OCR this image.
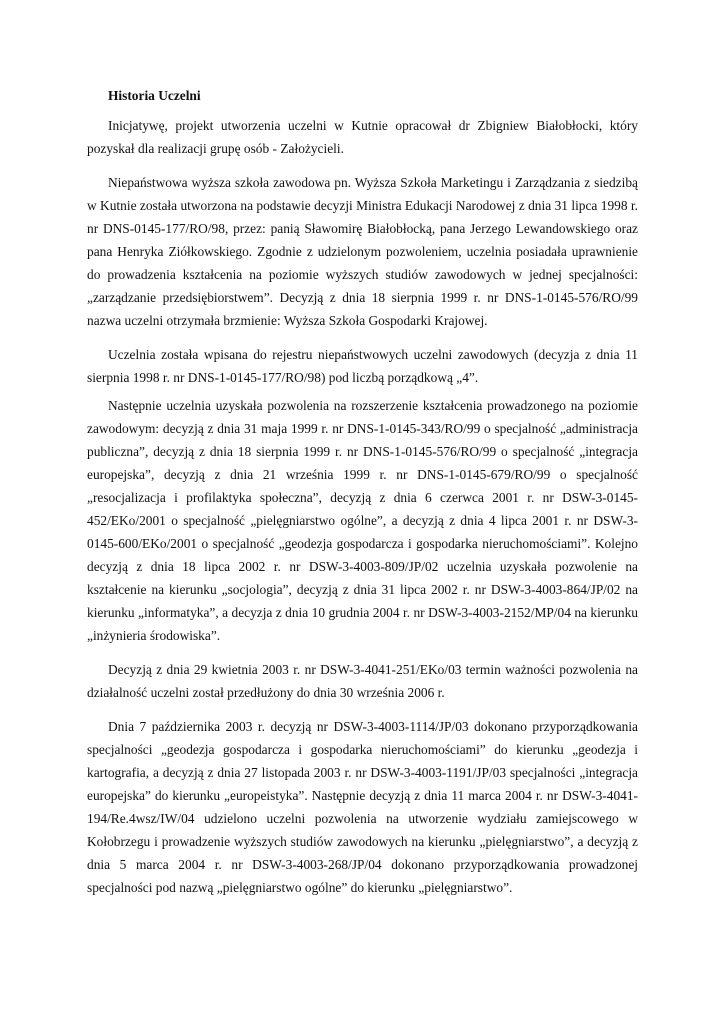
Historia Uczelni

Inicjatywę, projekt utworzenia uczelni w Kutnie opracował dr Zbigniew Białobłocki, który pozyskał dla realizacji grupę osób - Założycieli.

Niepaństwowa wyższa szkoła zawodowa pn. Wyższa Szkoła Marketingu i Zarządzania z siedzibą w Kutnie została utworzona na podstawie decyzji Ministra Edukacji Narodowej z dnia 31 lipca 1998 r. nr DNS-0145-177/RO/98, przez: panią Sławomirę Białobłocką, pana Jerzego Lewandowskiego oraz pana Henryka Ziółkowskiego. Zgodnie z udzielonym pozwoleniem, uczelnia posiadała uprawnienie do prowadzenia kształcenia na poziomie wyższych studiów zawodowych w jednej specjalności: „zarządzanie przedsiębiorstwem”. Decyzją z dnia 18 sierpnia 1999 r. nr DNS-1-0145-576/RO/99 nazwa uczelni otrzymała brzmienie: Wyższa Szkoła Gospodarki Krajowej.

Uczelnia została wpisana do rejestru niepaństwowych uczelni zawodowych (decyzja z dnia 11 sierpnia 1998 r. nr DNS-1-0145-177/RO/98) pod liczbą porządkową „4”.

Następnie uczelnia uzyskała pozwolenia na rozszerzenie kształcenia prowadzonego na poziomie zawodowym: decyzją z dnia 31 maja 1999 r. nr DNS-1-0145-343/RO/99 o specjalność „administracja publiczna”, decyzją z dnia 18 sierpnia 1999 r. nr DNS-1-0145-576/RO/99 o specjalność „integracja europejska”, decyzją z dnia 21 września 1999 r. nr DNS-1-0145-679/RO/99 o specjalność „resocjalizacja i profilaktyka społeczna”, decyzją z dnia 6 czerwca 2001 r. nr DSW-3-0145-452/EKo/2001 o specjalność „pielęgniarstwo ogólne”, a decyzją z dnia 4 lipca 2001 r. nr DSW-3-0145-600/EKo/2001 o specjalność „geodezja gospodarcza i gospodarka nieruchomościami”. Kolejno decyzją z dnia 18 lipca 2002 r. nr DSW-3-4003-809/JP/02 uczelnia uzyskała pozwolenie na kształcenie na kierunku „socjologia”, decyzją z dnia 31 lipca 2002 r. nr DSW-3-4003-864/JP/02 na kierunku „informatyka”, a decyzja z dnia 10 grudnia 2004 r. nr DSW-3-4003-2152/MP/04 na kierunku „inżynieria środowiska”.

Decyzją z dnia 29 kwietnia 2003 r. nr DSW-3-4041-251/EKo/03 termin ważności pozwolenia na działalność uczelni został przedłużony do dnia 30 września 2006 r.

Dnia 7 października 2003 r. decyzją nr DSW-3-4003-1114/JP/03 dokonano przyporządkowania specjalności „geodezja gospodarcza i gospodarka nieruchomościami” do kierunku „geodezja i kartografia, a decyzją z dnia 27 listopada 2003 r. nr DSW-3-4003-1191/JP/03 specjalności „integracja europejska” do kierunku „europeistyka”. Następnie decyzją z dnia 11 marca 2004 r. nr DSW-3-4041-194/Re.4wsz/IW/04 udzielono uczelni pozwolenia na utworzenie wydziału zamiejscowego w Kołobrzegu i prowadzenie wyższych studiów zawodowych na kierunku „pielęgniarstwo”, a decyzją z dnia 5 marca 2004 r. nr DSW-3-4003-268/JP/04 dokonano przyporządkowania prowadzonej specjalności pod nazwą „pielęgniarstwo ogólne” do kierunku „pielęgniarstwo”.
